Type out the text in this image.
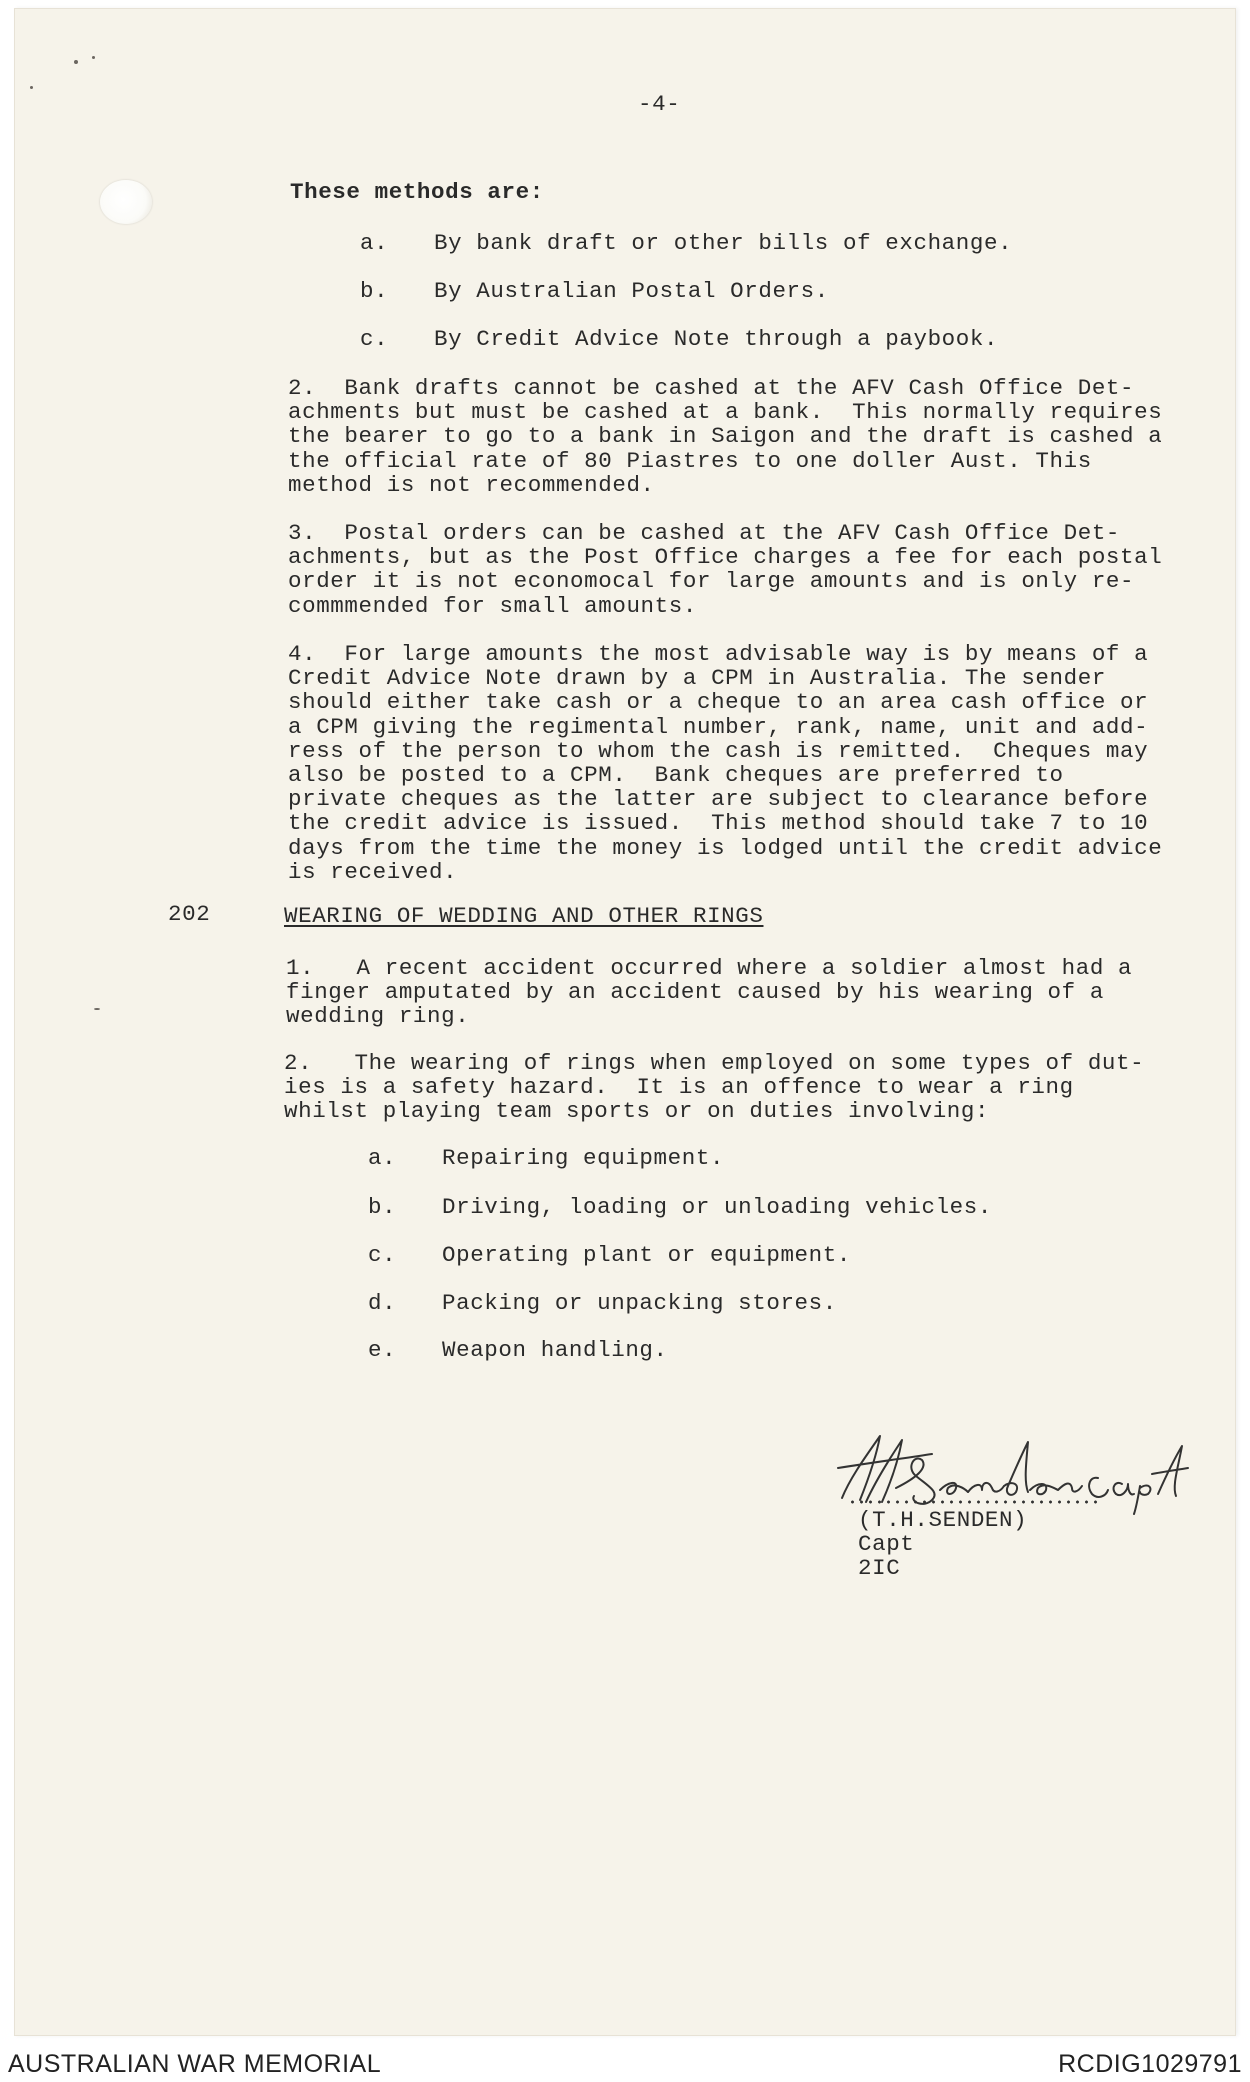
-4-
These methods are:
a. By bank draft or other bills of exchange.
b. By Australian Postal Orders.
c. By Credit Advice Note through a paybook.
2.  Bank drafts cannot be cashed at the AFV Cash Office Det-
achments but must be cashed at a bank.  This normally requires
the bearer to go to a bank in Saigon and the draft is cashed a
the official rate of 80 Piastres to one doller Aust. This
method is not recommended.
3.  Postal orders can be cashed at the AFV Cash Office Det-
achments, but as the Post Office charges a fee for each postal
order it is not economocal for large amounts and is only re-
commmended for small amounts.
4.  For large amounts the most advisable way is by means of a
Credit Advice Note drawn by a CPM in Australia. The sender
should either take cash or a cheque to an area cash office or
a CPM giving the regimental number, rank, name, unit and add-
ress of the person to whom the cash is remitted.  Cheques may
also be posted to a CPM.  Bank cheques are preferred to
private cheques as the latter are subject to clearance before
the credit advice is issued.  This method should take 7 to 10
days from the time the money is lodged until the credit advice
is received.
202	WEARING OF WEDDING AND OTHER RINGS
1.   A recent accident occurred where a soldier almost had a
finger amputated by an accident caused by his wearing of a
wedding ring.
2.   The wearing of rings when employed on some types of dut-
ies is a safety hazard.  It is an offence to wear a ring
whilst playing team sports or on duties involving:
a. Repairing equipment.
b. Driving, loading or unloading vehicles.
c. Operating plant or equipment.
d. Packing or unpacking stores.
e. Weapon handling.
(T.H.SENDEN)
Capt
2IC
AUSTRALIAN WAR MEMORIAL	RCDIG1029791
